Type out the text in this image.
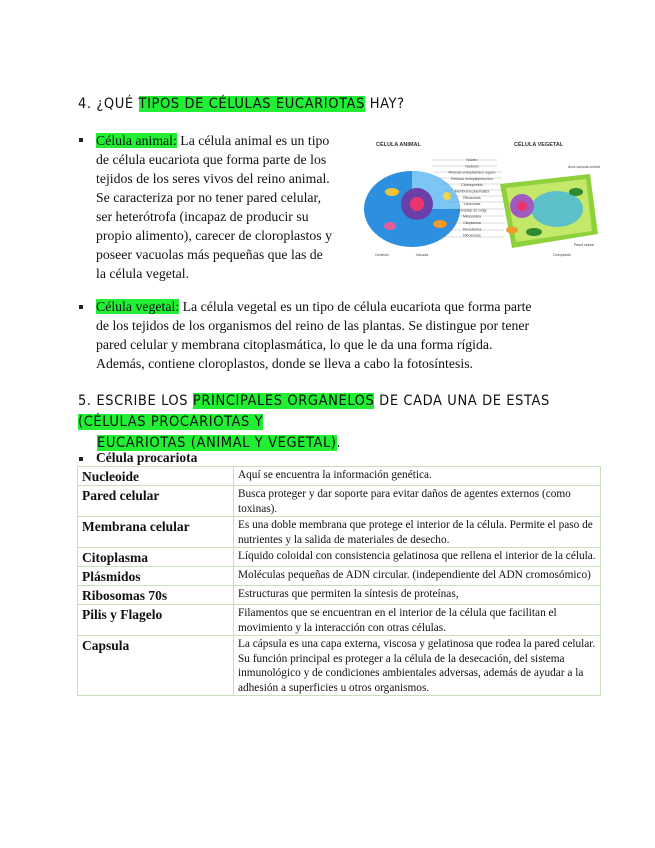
4. ¿QUÉ TIPOS DE CÉLULAS EUCARIOTAS HAY?

Célula animal: La célula animal es un tipo

de célula eucariota que forma parte de los

tejidos de los seres vivos del reino animal.

Se caracteriza por no tener pared celular,

ser heterótrofa (incapaz de producir su

propio alimento), carecer de cloroplastos y

poseer vacuolas más pequeñas que las de

la célula vegetal.

CÉLULA ANIMAL	CÉLULA VEGETAL
Núcleo
Nucléolo
Retículo endoplásmico rugoso
Retículo endoplásmico liso
Citoesqueleto
Membrana plasmática
Ribosomas
Lisosomas
Complejo de Golgi
Mitocondria
Citoplasma
Peroxisoma
Ribosomas
Centriolo	Vacuola
Área vacuola central
Cloroplasto
Pared celular

Célula vegetal: La célula vegetal es un tipo de célula eucariota que forma parte

de los tejidos de los organismos del reino de las plantas. Se distingue por tener

pared celular y membrana citoplasmática, lo que le da una forma rígida.

Además, contiene cloroplastos, donde se lleva a cabo la fotosíntesis.

5. ESCRIBE LOS PRINCIPALES ORGANELOS DE CADA UNA DE ESTAS (CÉLULAS PROCARIOTAS Y
EUCARIOTAS (ANIMAL Y VEGETAL).
Célula procariota
Nucleoide	Aquí se encuentra la información genética.
Pared celular	Busca proteger y dar soporte para evitar daños de agentes externos (como toxinas).
Membrana celular	Es una doble membrana que protege el interior de la célula. Permite el paso de nutrientes y la salida de materiales de desecho.
Citoplasma	Líquido coloidal con consistencia gelatinosa que rellena el interior de la célula.
Plásmidos	Moléculas pequeñas de ADN circular. (independiente del ADN cromosómico)
Ribosomas 70s	Estructuras que permiten la síntesis de proteínas,
Pilis y Flagelo	Filamentos que se encuentran en el interior de la célula que facilitan el movimiento y la interacción con otras células.
Capsula	La cápsula es una capa externa, viscosa y gelatinosa que rodea la pared celular. Su función principal es proteger a la célula de la desecación, del sistema inmunológico y de condiciones ambientales adversas, además de ayudar a la adhesión a superficies u otros organismos.
